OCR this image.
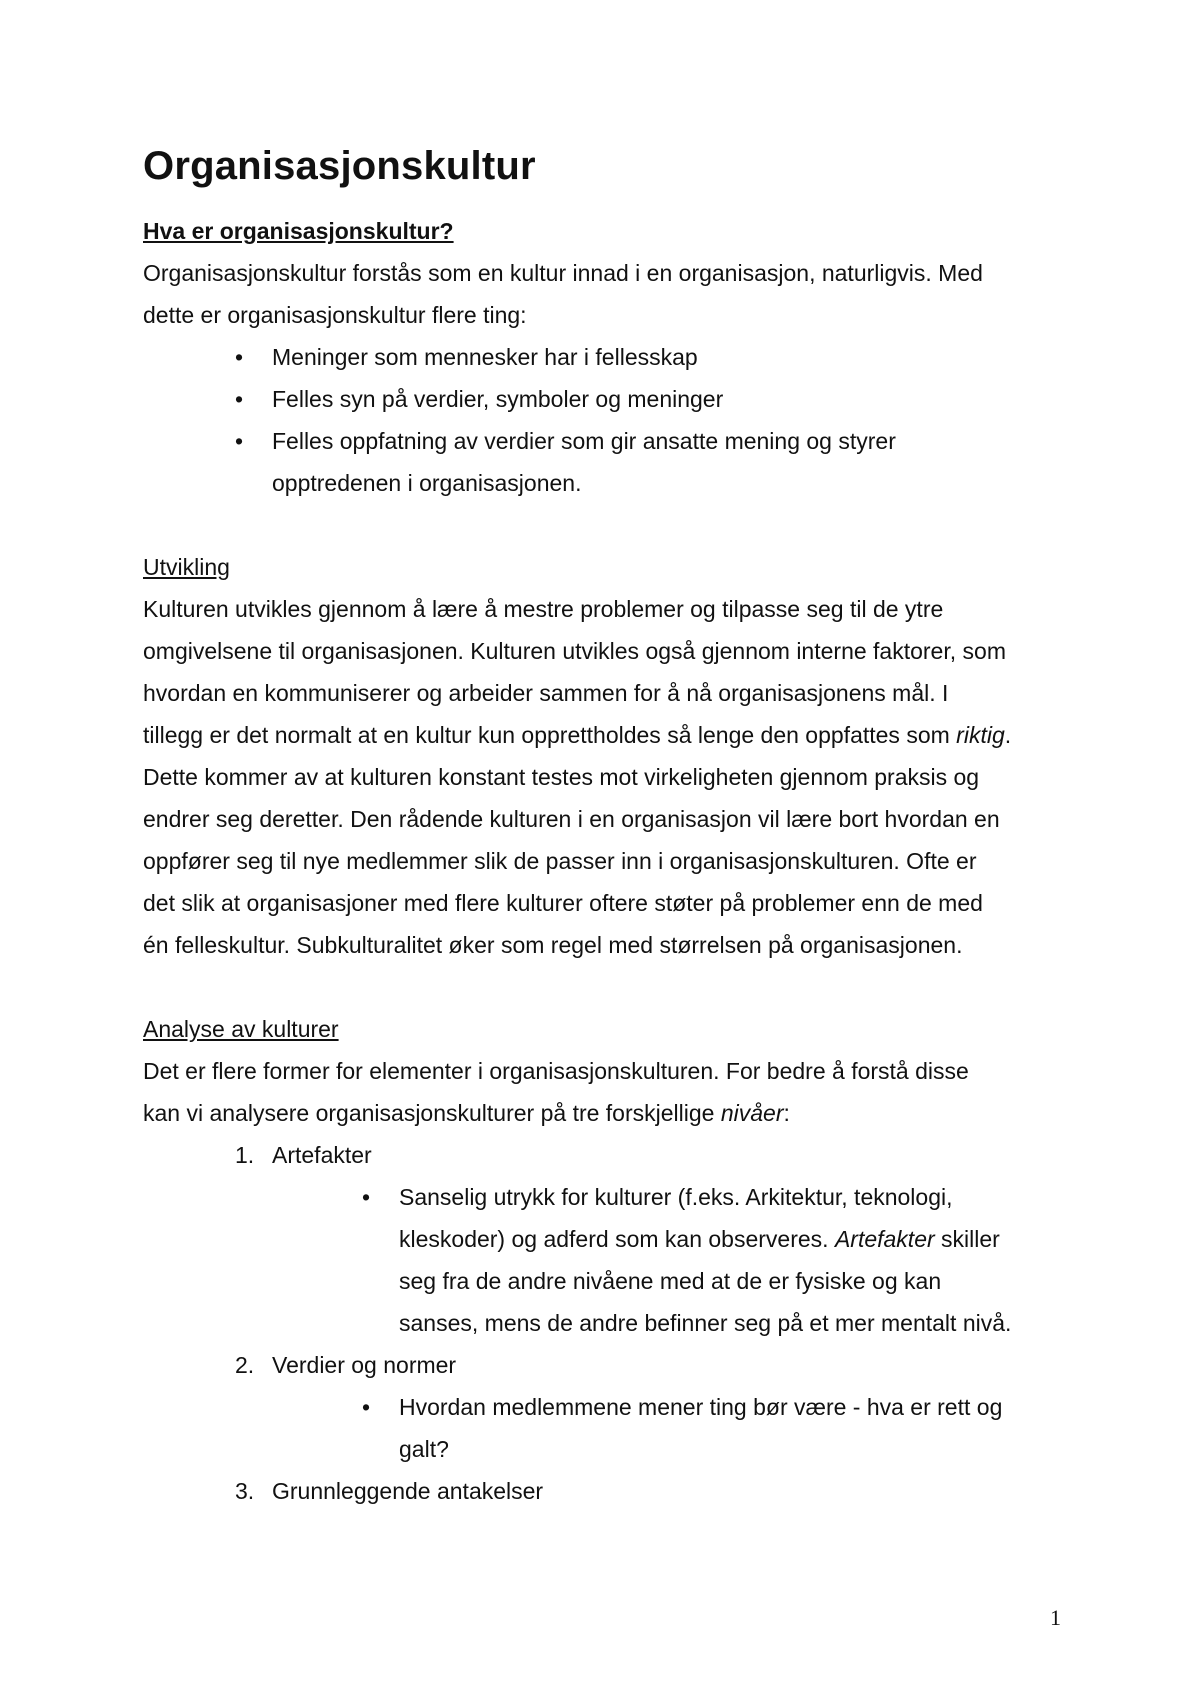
Organisasjonskultur

Hva er organisasjonskultur?

Organisasjonskultur forstås som en kultur innad i en organisasjon, naturligvis. Med

dette er organisasjonskultur flere ting:

•	Meninger som mennesker har i fellesskap
•	Felles syn på verdier, symboler og meninger
•	Felles oppfatning av verdier som gir ansatte mening og styrer
opptredenen i organisasjonen.

Utvikling

Kulturen utvikles gjennom å lære å mestre problemer og tilpasse seg til de ytre

omgivelsene til organisasjonen. Kulturen utvikles også gjennom interne faktorer, som

hvordan en kommuniserer og arbeider sammen for å nå organisasjonens mål. I

tillegg er det normalt at en kultur kun opprettholdes så lenge den oppfattes som riktig.

Dette kommer av at kulturen konstant testes mot virkeligheten gjennom praksis og

endrer seg deretter. Den rådende kulturen i en organisasjon vil lære bort hvordan en

oppfører seg til nye medlemmer slik de passer inn i organisasjonskulturen. Ofte er

det slik at organisasjoner med flere kulturer oftere støter på problemer enn de med

én felleskultur. Subkulturalitet øker som regel med størrelsen på organisasjonen.

Analyse av kulturer

Det er flere former for elementer i organisasjonskulturen. For bedre å forstå disse

kan vi analysere organisasjonskulturer på tre forskjellige nivåer:

1. Artefakter
•	Sanselig utrykk for kulturer (f.eks. Arkitektur, teknologi,
kleskoder) og adferd som kan observeres. Artefakter skiller
seg fra de andre nivåene med at de er fysiske og kan
sanses, mens de andre befinner seg på et mer mentalt nivå.
2. Verdier og normer
•	Hvordan medlemmene mener ting bør være - hva er rett og
galt?
3. Grunnleggende antakelser
1
